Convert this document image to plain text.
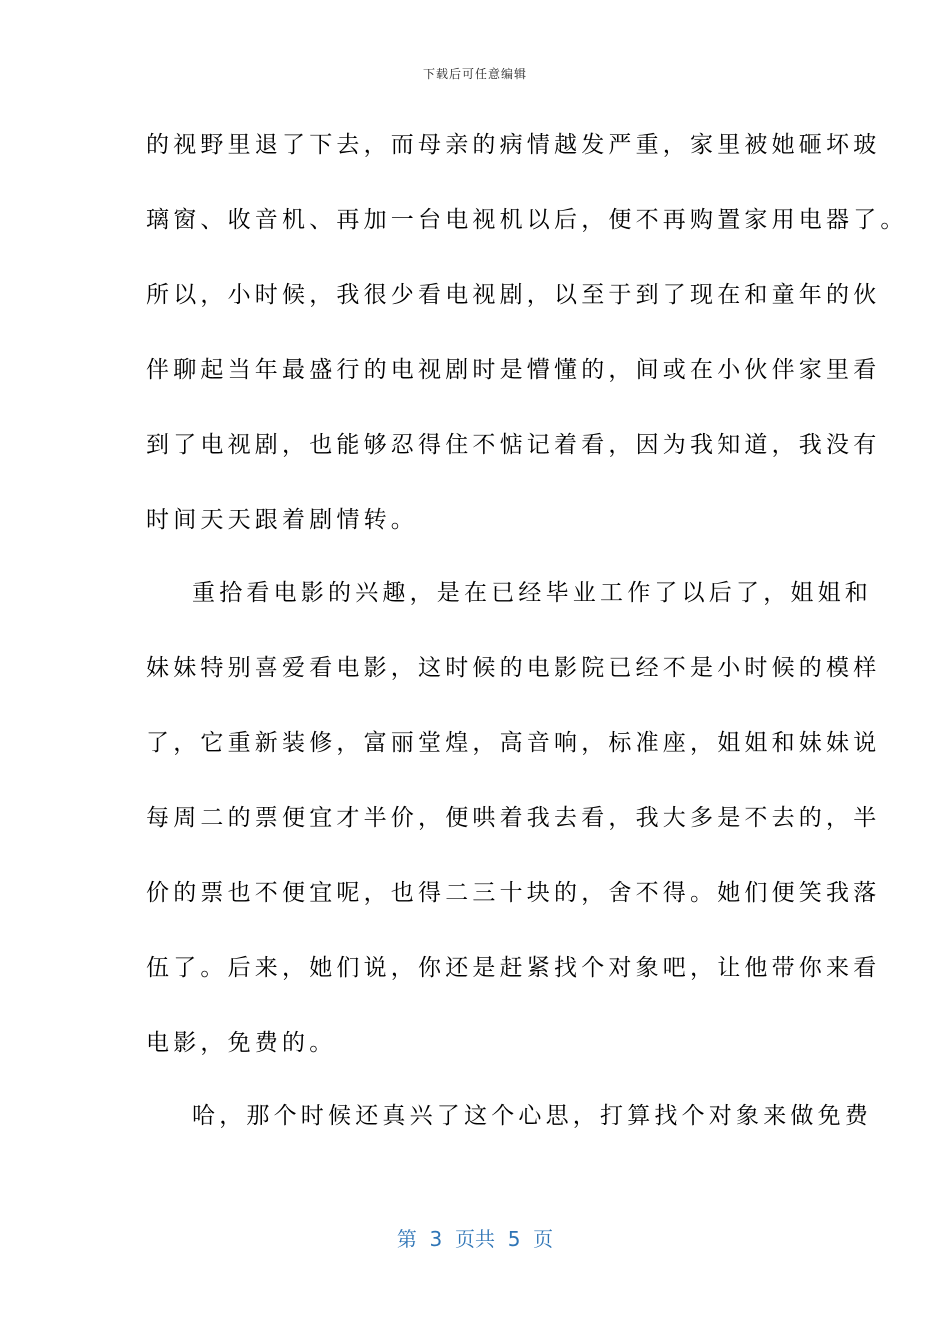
下载后可任意编辑
的视野里退了下去，而母亲的病情越发严重，家里被她砸坏玻
璃窗、收音机、再加一台电视机以后，便不再购置家用电器了。
所以，小时候，我很少看电视剧，以至于到了现在和童年的伙
伴聊起当年最盛行的电视剧时是懵懂的，间或在小伙伴家里看
到了电视剧，也能够忍得住不惦记着看，因为我知道，我没有
时间天天跟着剧情转。
重拾看电影的兴趣，是在已经毕业工作了以后了，姐姐和
妹妹特别喜爱看电影，这时候的电影院已经不是小时候的模样
了，它重新装修，富丽堂煌，高音响，标准座，姐姐和妹妹说
每周二的票便宜才半价，便哄着我去看，我大多是不去的，半
价的票也不便宜呢，也得二三十块的，舍不得。她们便笑我落
伍了。后来，她们说，你还是赶紧找个对象吧，让他带你来看
电影，免费的。
哈，那个时候还真兴了这个心思，打算找个对象来做免费
第  3  页共  5  页
